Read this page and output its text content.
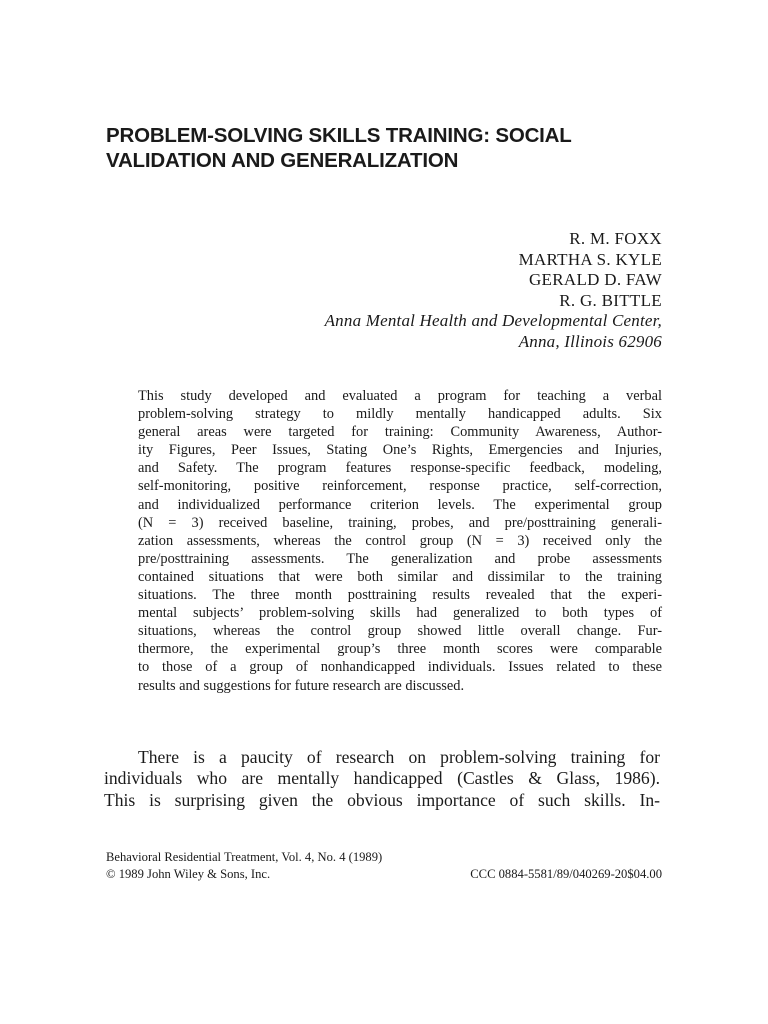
PROBLEM-SOLVING SKILLS TRAINING: SOCIAL
VALIDATION AND GENERALIZATION
R. M. FOXX
MARTHA S. KYLE
GERALD D. FAW
R. G. BITTLE
Anna Mental Health and Developmental Center,
Anna, Illinois 62906
This study developed and evaluated a program for teaching a verbal
problem-solving strategy to mildly mentally handicapped adults. Six
general areas were targeted for training: Community Awareness, Author-
ity Figures, Peer Issues, Stating One’s Rights, Emergencies and Injuries,
and Safety. The program features response-specific feedback, modeling,
self-monitoring, positive reinforcement, response practice, self-correction,
and individualized performance criterion levels. The experimental group
(N = 3) received baseline, training, probes, and pre/posttraining generali-
zation assessments, whereas the control group (N = 3) received only the
pre/posttraining assessments. The generalization and probe assessments
contained situations that were both similar and dissimilar to the training
situations. The three month posttraining results revealed that the experi-
mental subjects’ problem-solving skills had generalized to both types of
situations, whereas the control group showed little overall change. Fur-
thermore, the experimental group’s three month scores were comparable
to those of a group of nonhandicapped individuals. Issues related to these
results and suggestions for future research are discussed.
There is a paucity of research on problem-solving training for
individuals who are mentally handicapped (Castles & Glass, 1986).
This is surprising given the obvious importance of such skills. In-
Behavioral Residential Treatment, Vol. 4, No. 4 (1989)
© 1989 John Wiley & Sons, Inc.	CCC 0884-5581/89/040269-20$04.00
